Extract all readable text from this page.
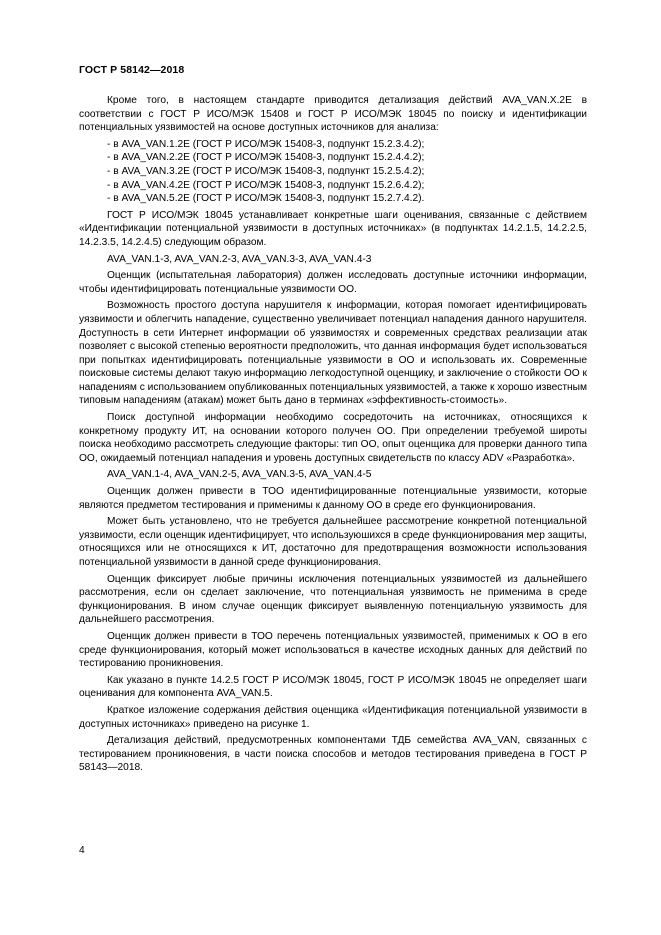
ГОСТ Р 58142—2018

Кроме того, в настоящем стандарте приводится детализация действий AVA_VAN.X.2E в соответствии с ГОСТ Р ИСО/МЭК 15408 и ГОСТ Р ИСО/МЭК 18045 по поиску и идентификации потенциальных уязвимостей на основе доступных источников для анализа:

- в AVA_VAN.1.2E (ГОСТ Р ИСО/МЭК 15408-3, подпункт 15.2.3.4.2);
- в AVA_VAN.2.2E (ГОСТ Р ИСО/МЭК 15408-3, подпункт 15.2.4.4.2);
- в AVA_VAN.3.2E (ГОСТ Р ИСО/МЭК 15408-3, подпункт 15.2.5.4.2);
- в AVA_VAN.4.2E (ГОСТ Р ИСО/МЭК 15408-3, подпункт 15.2.6.4.2);
- в AVA_VAN.5.2E (ГОСТ Р ИСО/МЭК 15408-3, подпункт 15.2.7.4.2).

ГОСТ Р ИСО/МЭК 18045 устанавливает конкретные шаги оценивания, связанные с действием «Идентификации потенциальной уязвимости в доступных источниках» (в подпунктах 14.2.1.5, 14.2.2.5, 14.2.3.5, 14.2.4.5) следующим образом.

AVA_VAN.1-3, AVA_VAN.2-3, AVA_VAN.3-3, AVA_VAN.4-3

Оценщик (испытательная лаборатория) должен исследовать доступные источники информации, чтобы идентифицировать потенциальные уязвимости ОО.

Возможность простого доступа нарушителя к информации, которая помогает идентифицировать уязвимости и облегчить нападение, существенно увеличивает потенциал нападения данного нарушителя. Доступность в сети Интернет информации об уязвимостях и современных средствах реализации атак позволяет с высокой степенью вероятности предположить, что данная информация будет использоваться при попытках идентифицировать потенциальные уязвимости в ОО и использовать их. Современные поисковые системы делают такую информацию легкодоступной оценщику, и заключение о стойкости ОО к нападениям с использованием опубликованных потенциальных уязвимостей, а также к хорошо известным типовым нападениям (атакам) может быть дано в терминах «эффективность-стоимость».

Поиск доступной информации необходимо сосредоточить на источниках, относящихся к конкретному продукту ИТ, на основании которого получен ОО. При определении требуемой широты поиска необходимо рассмотреть следующие факторы: тип ОО, опыт оценщика для проверки данного типа ОО, ожидаемый потенциал нападения и уровень доступных свидетельств по классу ADV «Разработка».

AVA_VAN.1-4, AVA_VAN.2-5, AVA_VAN.3-5, AVA_VAN.4-5

Оценщик должен привести в ТОО идентифицированные потенциальные уязвимости, которые являются предметом тестирования и применимы к данному ОО в среде его функционирования.

Может быть установлено, что не требуется дальнейшее рассмотрение конкретной потенциальной уязвимости, если оценщик идентифицирует, что используюшихся в среде функционирования мер защиты, относящихся или не относящихся к ИТ, достаточно для предотвращения возможности использования потенциальной уязвимости в данной среде функционирования.

Оценщик фиксирует любые причины исключения потенциальных уязвимостей из дальнейшего рассмотрения, если он сделает заключение, что потенциальная уязвимость не применима в среде функционирования. В ином случае оценщик фиксирует выявленную потенциальную уязвимость для дальнейшего рассмотрения.

Оценщик должен привести в ТОО перечень потенциальных уязвимостей, применимых к ОО в его среде функционирования, который может использоваться в качестве исходных данных для действий по тестированию проникновения.

Как указано в пункте 14.2.5 ГОСТ Р ИСО/МЭК 18045, ГОСТ Р ИСО/МЭК 18045 не определяет шаги оценивания для компонента AVA_VAN.5.

Краткое изложение содержания действия оценщика «Идентификация потенциальной уязвимости в доступных источниках» приведено на рисунке 1.

Детализация действий, предусмотренных компонентами ТДБ семейства AVA_VAN, связанных с тестированием проникновения, в части поиска способов и методов тестирования приведена в ГОСТ Р 58143—2018.

4
